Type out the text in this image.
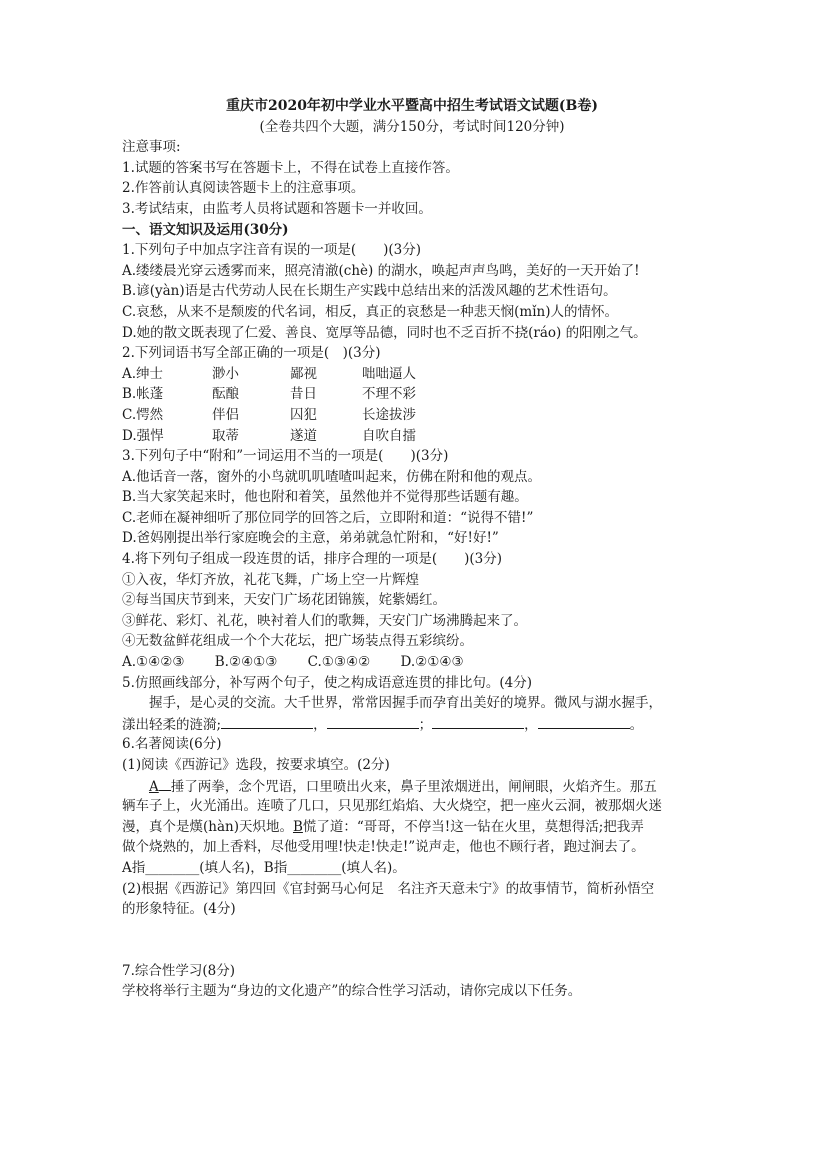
重庆市2020年初中学业水平暨高中招生考试语文试题(B卷)
(全卷共四个大题，满分150分，考试时间120分钟)
注意事项:
1.试题的答案书写在答题卡上，不得在试卷上直接作答。
2.作答前认真阅读答题卡上的注意事项。
3.考试结束，由监考人员将试题和答题卡一并收回。
一、语文知识及运用(30分)
1.下列句子中加点字注音有误的一项是(　　)(3分)
A.缕缕晨光穿云透雾而来，照亮清澈(chè) 的湖水，唤起声声鸟鸣，美好的一天开始了!
B.谚(yàn)语是古代劳动人民在长期生产实践中总结出来的活泼风趣的艺术性语句。
C.哀愁，从来不是颓废的代名词，相反，真正的哀愁是一种悲天悯(mǐn)人的情怀。
D.她的散文既表现了仁爱、善良、宽厚等品德，同时也不乏百折不挠(ráo) 的阳刚之气。
2.下列词语书写全部正确的一项是(　)(3分)
A.绅士	渺小	鄙视	咄咄逼人
B.帐蓬	酝酿	昔日	不理不彩
C.愕然	伴侣	囚犯	长途拔涉
D.强悍	取蒂	遂道	自吹自擂
3.下列句子中“附和”一词运用不当的一项是(　　)(3分)
A.他话音一落，窗外的小鸟就叽叽喳喳叫起来，仿佛在附和他的观点。
B.当大家笑起来时，他也附和着笑，虽然他并不觉得那些话题有趣。
C.老师在凝神细听了那位同学的回答之后，立即附和道：“说得不错!”
D.爸妈刚提出举行家庭晚会的主意，弟弟就急忙附和，“好!好!”
4.将下列句子组成一段连贯的话，排序合理的一项是(　　)(3分)
①入夜，华灯齐放，礼花飞舞，广场上空一片辉煌
②每当国庆节到来，天安门广场花团锦簇，姹紫嫣红。
③鲜花、彩灯、礼花，映衬着人们的歌舞，天安门广场沸腾起来了。
④无数盆鲜花组成一个个大花坛，把广场装点得五彩缤纷。
A.①④②③ B.②④①③ C.①③④② D.②①④③
5.仿照画线部分，补写两个句子，使之构成语意连贯的排比句。(4分)
握手，是心灵的交流。大千世界，常常因握手而孕育出美好的境界。微风与湖水握手，
漾出轻柔的涟漪;	，	；	，	。
6.名著阅读(6分)
(1)阅读《西游记》选段，按要求填空。(2分)
A 捶了两拳，念个咒语，口里喷出火来，鼻子里浓烟迸出，闸闸眼，火焰齐生。那五
辆车子上，火光涌出。连喷了几口，只见那红焰焰、大火烧空，把一座火云洞，被那烟火迷
漫，真个是熯(hàn)天炽地。B慌了道：“哥哥，不停当!这一钻在火里，莫想得活;把我弄
做个烧熟的，加上香料，尽他受用哩!快走!快走!”说声走，他也不顾行者，跑过涧去了。
A指________(填人名)，B指________(填人名)。
(2)根据《西游记》第四回《官封弼马心何足　名注齐天意未宁》的故事情节，简析孙悟空
的形象特征。(4分)
7.综合性学习(8分)
学校将举行主题为“身边的文化遗产”的综合性学习活动，请你完成以下任务。
